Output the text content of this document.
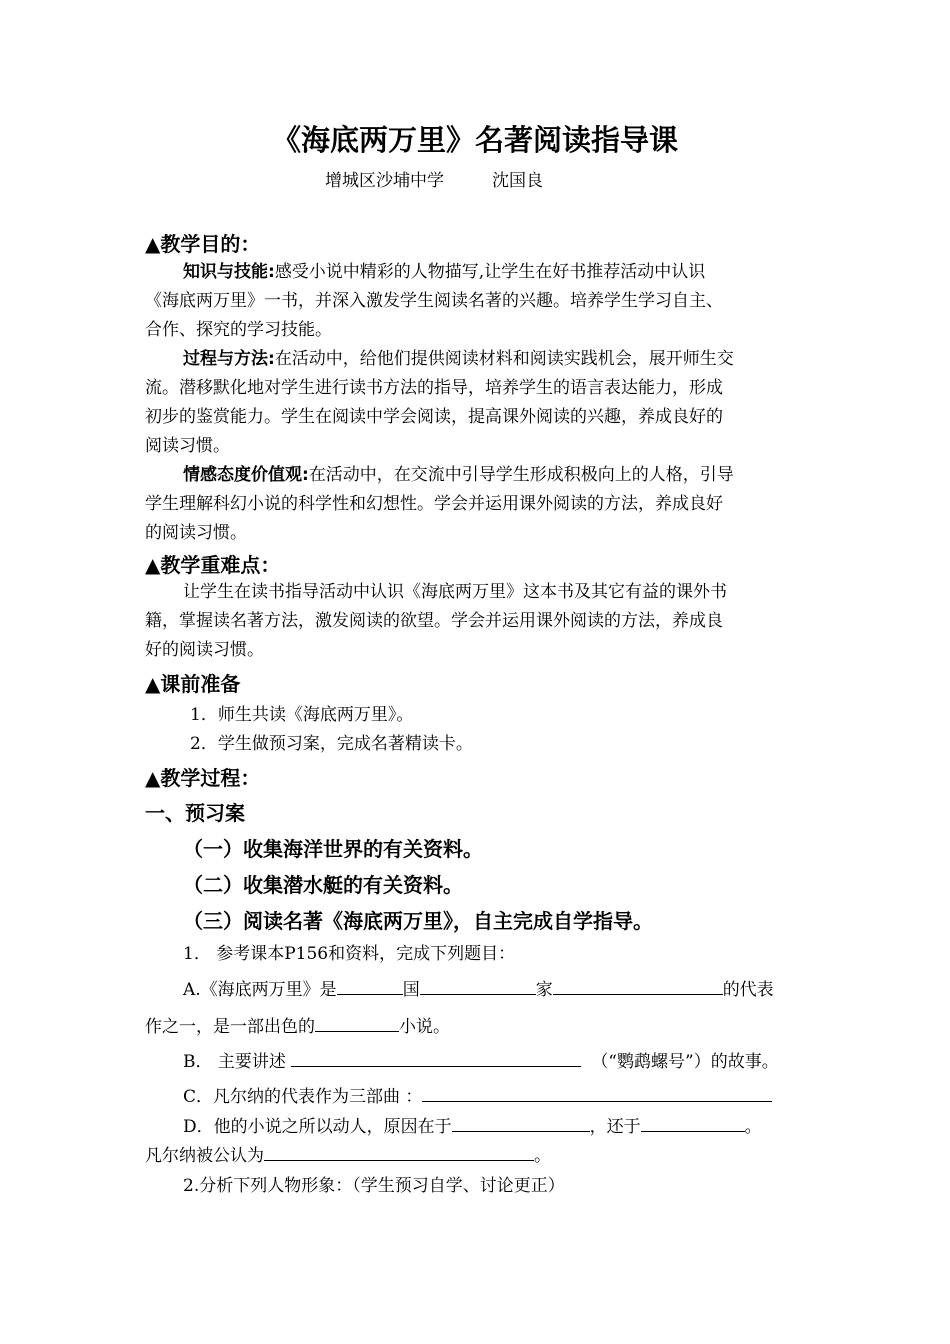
《海底两万里》名著阅读指导课
增城区沙埔中学	沈国良
▲教学目的：
知识与技能:感受小说中精彩的人物描写,让学生在好书推荐活动中认识
《海底两万里》一书，并深入激发学生阅读名著的兴趣。培养学生学习自主、
合作、探究的学习技能。
过程与方法:在活动中，给他们提供阅读材料和阅读实践机会，展开师生交
流。潜移默化地对学生进行读书方法的指导，培养学生的语言表达能力，形成
初步的鉴赏能力。学生在阅读中学会阅读，提高课外阅读的兴趣，养成良好的
阅读习惯。
情感态度价值观:在活动中，在交流中引导学生形成积极向上的人格，引导
学生理解科幻小说的科学性和幻想性。学会并运用课外阅读的方法，养成良好
的阅读习惯。
▲教学重难点：
让学生在读书指导活动中认识《海底两万里》这本书及其它有益的课外书
籍，掌握读名著方法，激发阅读的欲望。学会并运用课外阅读的方法，养成良
好的阅读习惯。
▲课前准备
1．师生共读《海底两万里》。
2．学生做预习案，完成名著精读卡。
▲教学过程：
一、预习案
（一）收集海洋世界的有关资料。
（二）收集潜水艇的有关资料。
（三）阅读名著《海底两万里》，自主完成自学指导。
1． 参考课本P156和资料，完成下列题目：
A.《海底两万里》是	国	家	的代表
作之一，是一部出色的	小说。
B． 主要讲述	（“鹦鹉螺号”）的故事。
C．凡尔纳的代表作为三部曲 ：
D．他的小说之所以动人，原因在于	，还于	。
凡尔纳被公认为	。
2.分析下列人物形象：（学生预习自学、讨论更正）
